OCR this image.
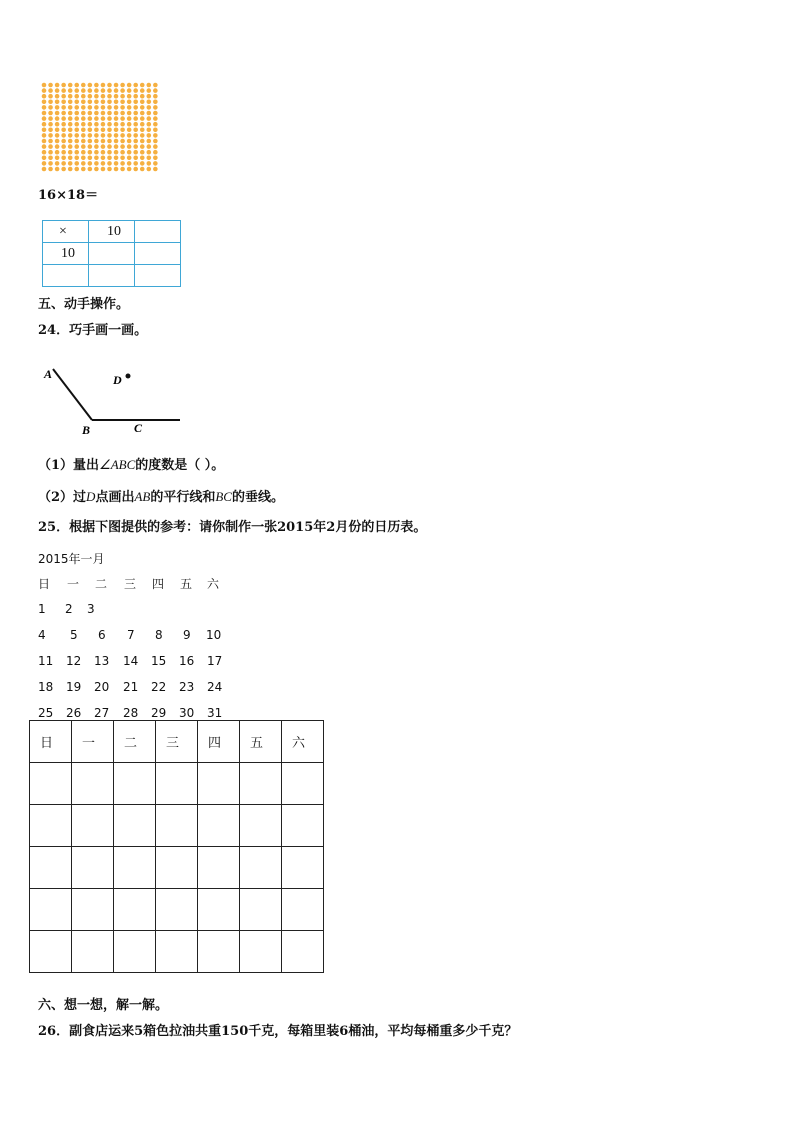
16×18＝
×	10	
10		

五、动手操作。
24．巧手画一画。
A	D
B	C
（1）量出∠ABC的度数是（ ）。
（2）过D点画出AB的平行线和BC的垂线。
25．根据下图提供的参考：请你制作一张2015年2月份的日历表。
2015年一月
日 一 二 三 四 五 六
1 2 3
4 5 6 7 8 9 10
11 12 13 14 15 16 17
18 19 20 21 22 23 24
25 26 27 28 29 30 31
日	一	二	三	四	五	六

六、想一想，解一解。
26．副食店运来5箱色拉油共重150千克，每箱里装6桶油，平均每桶重多少千克？
